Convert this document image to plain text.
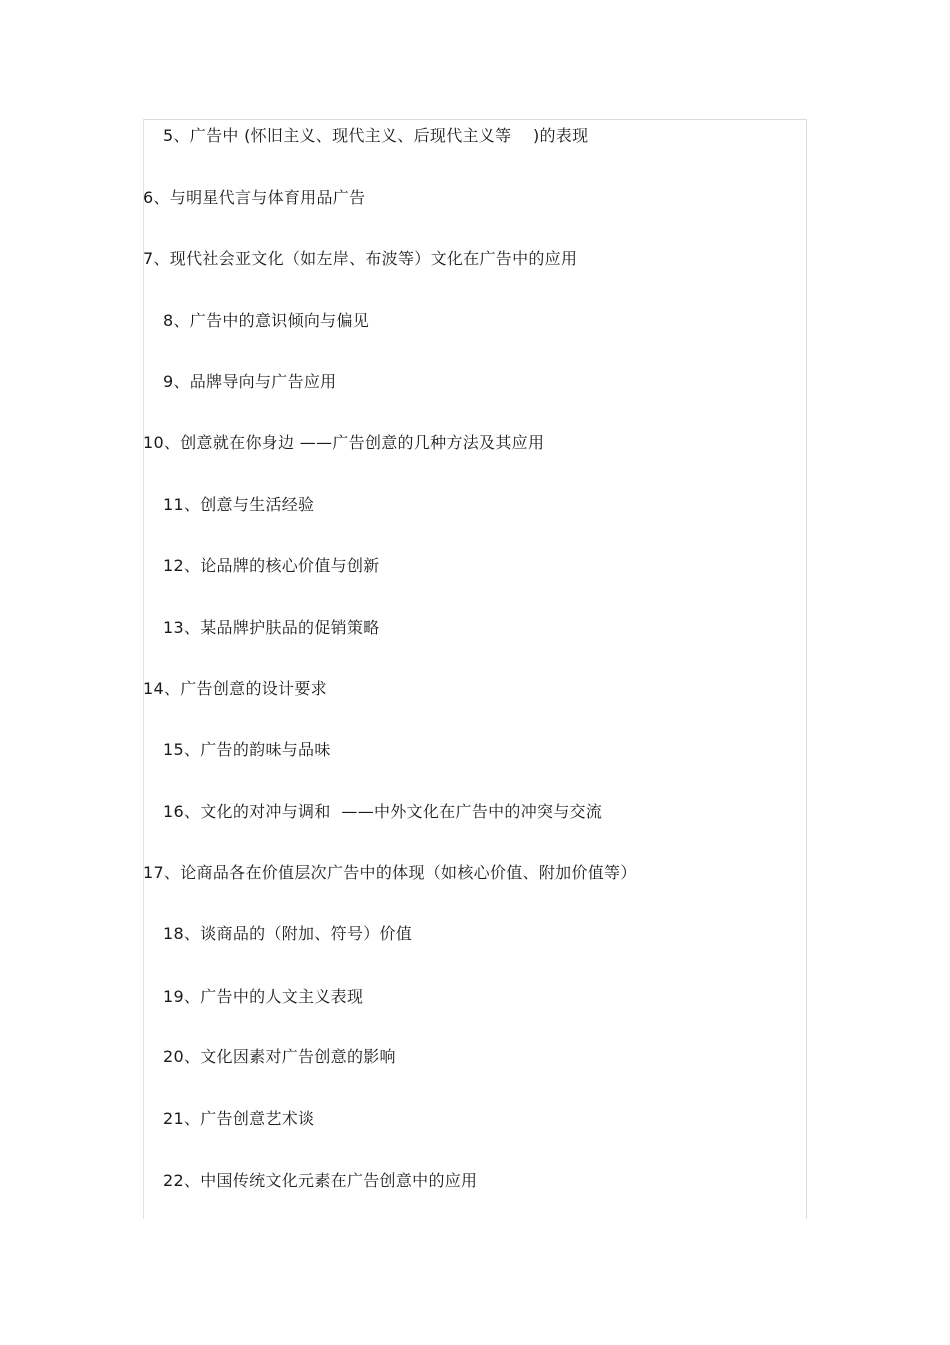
5、广告中 (怀旧主义、现代主义、后现代主义等    )的表现
6、与明星代言与体育用品广告
7、现代社会亚文化（如左岸、布波等）文化在广告中的应用
8、广告中的意识倾向与偏见
9、品牌导向与广告应用
10、创意就在你身边 ——广告创意的几种方法及其应用
11、创意与生活经验
12、论品牌的核心价值与创新
13、某品牌护肤品的促销策略
14、广告创意的设计要求
15、广告的韵味与品味
16、文化的对冲与调和  ——中外文化在广告中的冲突与交流
17、论商品各在价值层次广告中的体现（如核心价值、附加价值等）
18、谈商品的（附加、符号）价值
19、广告中的人文主义表现
20、文化因素对广告创意的影响
21、广告创意艺术谈
22、中国传统文化元素在广告创意中的应用
